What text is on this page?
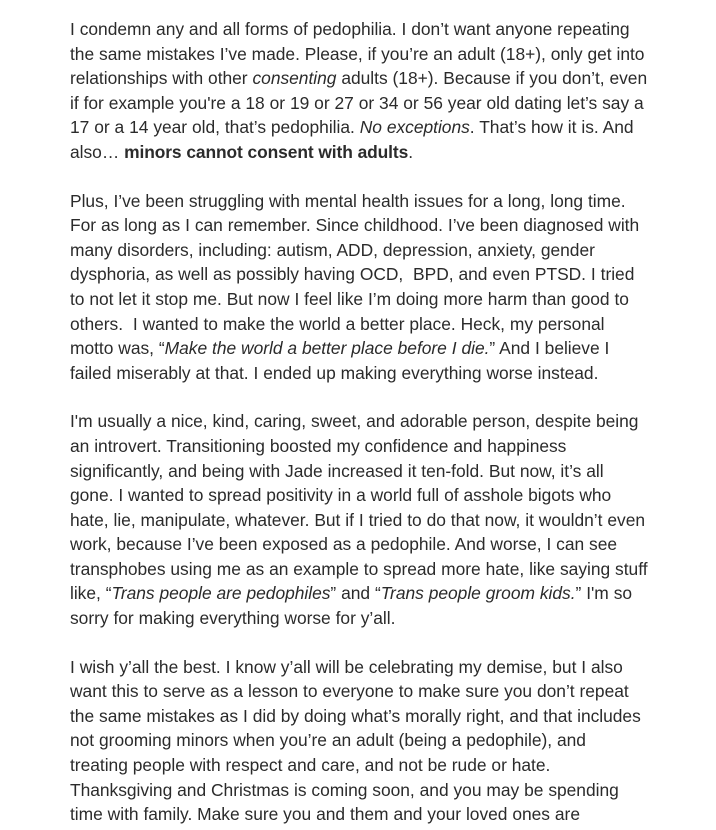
I condemn any and all forms of pedophilia. I don’t want anyone repeating the same mistakes I’ve made. Please, if you’re an adult (18+), only get into relationships with other consenting adults (18+). Because if you don’t, even if for example you're a 18 or 19 or 27 or 34 or 56 year old dating let’s say a 17 or a 14 year old, that’s pedophilia. No exceptions. That’s how it is. And also… minors cannot consent with adults.

Plus, I’ve been struggling with mental health issues for a long, long time. For as long as I can remember. Since childhood. I’ve been diagnosed with many disorders, including: autism, ADD, depression, anxiety, gender dysphoria, as well as possibly having OCD,  BPD, and even PTSD. I tried to not let it stop me. But now I feel like I’m doing more harm than good to others.  I wanted to make the world a better place. Heck, my personal motto was, “Make the world a better place before I die.” And I believe I failed miserably at that. I ended up making everything worse instead.

I'm usually a nice, kind, caring, sweet, and adorable person, despite being an introvert. Transitioning boosted my confidence and happiness significantly, and being with Jade increased it ten-fold. But now, it’s all gone. I wanted to spread positivity in a world full of asshole bigots who hate, lie, manipulate, whatever. But if I tried to do that now, it wouldn’t even work, because I’ve been exposed as a pedophile. And worse, I can see transphobes using me as an example to spread more hate, like saying stuff like, “Trans people are pedophiles” and “Trans people groom kids.” I'm so sorry for making everything worse for y’all.

I wish y’all the best. I know y’all will be celebrating my demise, but I also want this to serve as a lesson to everyone to make sure you don’t repeat the same mistakes as I did by doing what’s morally right, and that includes not grooming minors when you’re an adult (being a pedophile), and treating people with respect and care, and not be rude or hate. Thanksgiving and Christmas is coming soon, and you may be spending time with family. Make sure you and them and your loved ones are
